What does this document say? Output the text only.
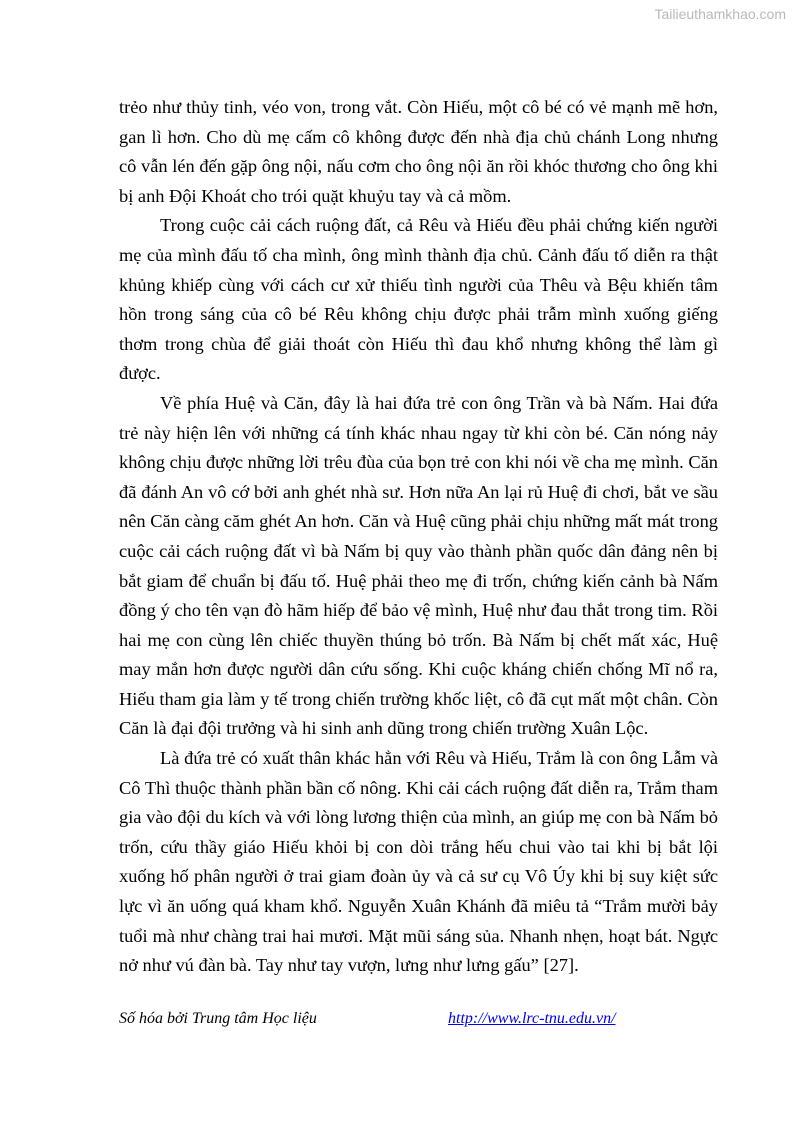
Tailieuthamkhao.com

trẻo như thủy tinh, véo von, trong vắt. Còn Hiếu, một cô bé có vẻ mạnh mẽ hơn, gan lì hơn. Cho dù mẹ cấm cô không được đến nhà địa chủ chánh Long nhưng cô vẫn lén đến gặp ông nội, nấu cơm cho ông nội ăn rồi khóc thương cho ông khi bị anh Đội Khoát cho trói quặt khuỷu tay và cả mồm.

Trong cuộc cải cách ruộng đất, cả Rêu và Hiếu đều phải chứng kiến người mẹ của mình đấu tố cha mình, ông mình thành địa chủ. Cảnh đấu tố diễn ra thật khủng khiếp cùng với cách cư xử thiếu tình người của Thêu và Bệu khiến tâm hồn trong sáng của cô bé Rêu không chịu được phải trẫm mình xuống giếng thơm trong chùa để giải thoát còn Hiếu thì đau khổ nhưng không thể làm gì được.

Về phía Huệ và Căn, đây là hai đứa trẻ con ông Trần và bà Nấm. Hai đứa trẻ này hiện lên với những cá tính khác nhau ngay từ khi còn bé. Căn nóng nảy không chịu được những lời trêu đùa của bọn trẻ con khi nói về cha mẹ mình. Căn đã đánh An vô cớ bởi anh ghét nhà sư. Hơn nữa An lại rủ Huệ đi chơi, bắt ve sầu nên Căn càng căm ghét An hơn. Căn và Huệ cũng phải chịu những mất mát trong cuộc cải cách ruộng đất vì bà Nấm bị quy vào thành phần quốc dân đảng nên bị bắt giam để chuẩn bị đấu tố. Huệ phải theo mẹ đi trốn, chứng kiến cảnh bà Nấm đồng ý cho tên vạn đò hãm hiếp để bảo vệ mình, Huệ như đau thắt trong tim. Rồi hai mẹ con cùng lên chiếc thuyền thúng bỏ trốn. Bà Nấm bị chết mất xác, Huệ may mắn hơn được người dân cứu sống. Khi cuộc kháng chiến chống Mĩ nổ ra, Hiếu tham gia làm y tế trong chiến trường khốc liệt, cô đã cụt mất một chân. Còn Căn là đại đội trưởng và hi sinh anh dũng trong chiến trường Xuân Lộc.

Là đứa trẻ có xuất thân khác hẳn với Rêu và Hiếu, Trắm là con ông Lẫm và Cô Thì thuộc thành phần bần cố nông. Khi cải cách ruộng đất diễn ra, Trắm tham gia vào đội du kích và với lòng lương thiện của mình, an giúp mẹ con bà Nấm bỏ trốn, cứu thầy giáo Hiếu khỏi bị con dòi trắng hếu chui vào tai khi bị bắt lội xuống hố phân người ở trai giam đoàn ủy và cả sư cụ Vô Úy khi bị suy kiệt sức lực vì ăn uống quá kham khổ. Nguyễn Xuân Khánh đã miêu tả “Trắm mười bảy tuổi mà như chàng trai hai mươi. Mặt mũi sáng sủa. Nhanh nhẹn, hoạt bát. Ngực nở như vú đàn bà. Tay như tay vượn, lưng như lưng gấu” [27].

Số hóa bởi Trung tâm Học liệu	http://www.lrc-tnu.edu.vn/
